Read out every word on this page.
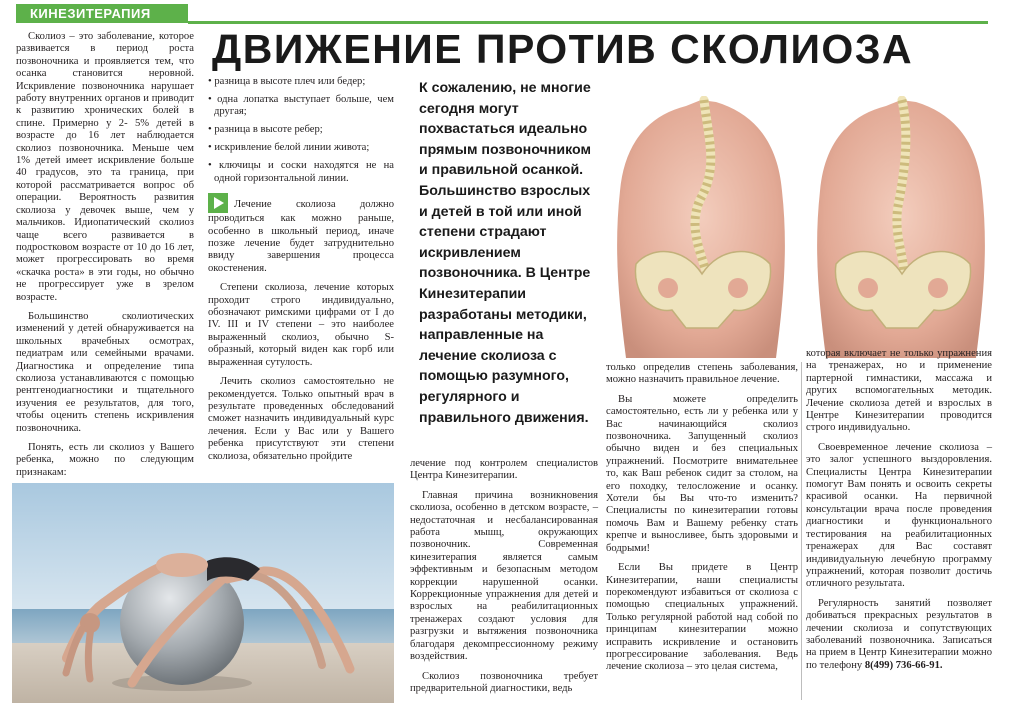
КИНЕЗИТЕРАПИЯ
ДВИЖЕНИЕ ПРОТИВ СКОЛИОЗА

Сколиоз – это заболевание, которое развивается в период роста позвоночника и проявляется тем, что осанка становится неровной. Искривление позвоночника нарушает работу внутренних органов и приводит к развитию хронических болей в спине. Примерно у 2- 5% детей в возрасте до 16 лет наблюдается сколиоз позвоночника. Меньше чем 1% детей имеет искривление больше 40 градусов, это та граница, при которой рассматривается вопрос об операции. Вероятность развития сколиоза у девочек выше, чем у мальчиков. Идиопатический сколиоз чаще всего развивается в подростковом возрасте от 10 до 16 лет, может прогрессировать во время «скачка роста» в эти годы, но обычно не прогрессирует уже в зрелом возрасте.

Большинство сколиотических изменений у детей обнаруживается на школьных врачебных осмотрах, педиатрам или семейными врачами. Диагностика и определение типа сколиоза устанавливаются с помощью рентгенодиагностики и тщательного изучения ее результатов, для того, чтобы оценить степень искривления позвоночника.

Понять, есть ли сколиоз у Вашего ребенка, можно по следующим признакам:

• разница в высоте плеч или бедер;
• одна лопатка выступает больше, чем другая;
• разница в высоте ребер;
• искривление белой линии живота;
• ключицы и соски находятся не на одной горизонтальной линии.

Лечение сколиоза должно проводиться как можно раньше, особенно в школьный период, иначе позже лечение будет затруднительно ввиду завершения процесса окостенения.

Степени сколиоза, лечение которых проходит строго индивидуально, обозначают римскими цифрами от I до IV. III и IV степени – это наиболее выраженный сколиоз, обычно S-образный, который виден как горб или выраженная сутулость.

Лечить сколиоз самостоятельно не рекомендуется. Только опытный врач в результате проведенных обследований сможет назначить индивидуальный курс лечения. Если у Вас или у Вашего ребенка присутствуют эти степени сколиоза, обязательно пройдите

К сожалению, не многие сегодня могут похвастаться идеально прямым позвоночником и правильной осанкой. Большинство взрослых и детей в той или иной степени страдают искривлением позвоночника. В Центре Кинезитерапии разработаны методики, направленные на лечение сколиоза с помощью разумного, регулярного и правильного движения.

лечение под контролем специалистов Центра Кинезитерапии.

Главная причина возникновения сколиоза, особенно в детском возрасте, – недостаточная и несбалансированная работа мышц, окружающих позвоночник. Современная кинезитерапия является самым эффективным и безопасным методом коррекции нарушенной осанки. Коррекционные упражнения для детей и взрослых на реабилитационных тренажерах создают условия для разгрузки и вытяжения позвоночника благодаря декомпрессионному режиму воздействия.

Сколиоз позвоночника требует предварительной диагностики, ведь

только определив степень заболевания, можно назначить правильное лечение.

Вы можете определить самостоятельно, есть ли у ребенка или у Вас начинающийся сколиоз позвоночника. Запущенный сколиоз обычно виден и без специальных упражнений. Посмотрите внимательнее то, как Ваш ребенок сидит за столом, на его походку, телосложение и осанку. Хотели бы Вы что-то изменить? Специалисты по кинезитерапии готовы помочь Вам и Вашему ребенку стать крепче и выносливее, быть здоровыми и бодрыми!

Если Вы придете в Центр Кинезитерапии, наши специалисты порекомендуют избавиться от сколиоза с помощью специальных упражнений. Только регулярной работой над собой по принципам кинезитерапии можно исправить искривление и остановить прогрессирование заболевания. Ведь лечение сколиоза – это целая система,

которая включает не только упражнения на тренажерах, но и применение партерной гимнастики, массажа и других вспомогательных методик. Лечение сколиоза детей и взрослых в Центре Кинезитерапии проводится строго индивидуально.

Своевременное лечение сколиоза – это залог успешного выздоровления. Специалисты Центра Кинезитерапии помогут Вам понять и освоить секреты красивой осанки. На первичной консультации врача после проведения диагностики и функционального тестирования на реабилитационных тренажерах для Вас составят индивидуальную лечебную программу упражнений, которая позволит достичь отличного результата.

Регулярность занятий позволяет добиваться прекрасных результатов в лечении сколиоза и сопутствующих заболеваний позвоночника. Записаться на прием в Центр Кинезитерапии можно по телефону 8(499) 736-66-91.
